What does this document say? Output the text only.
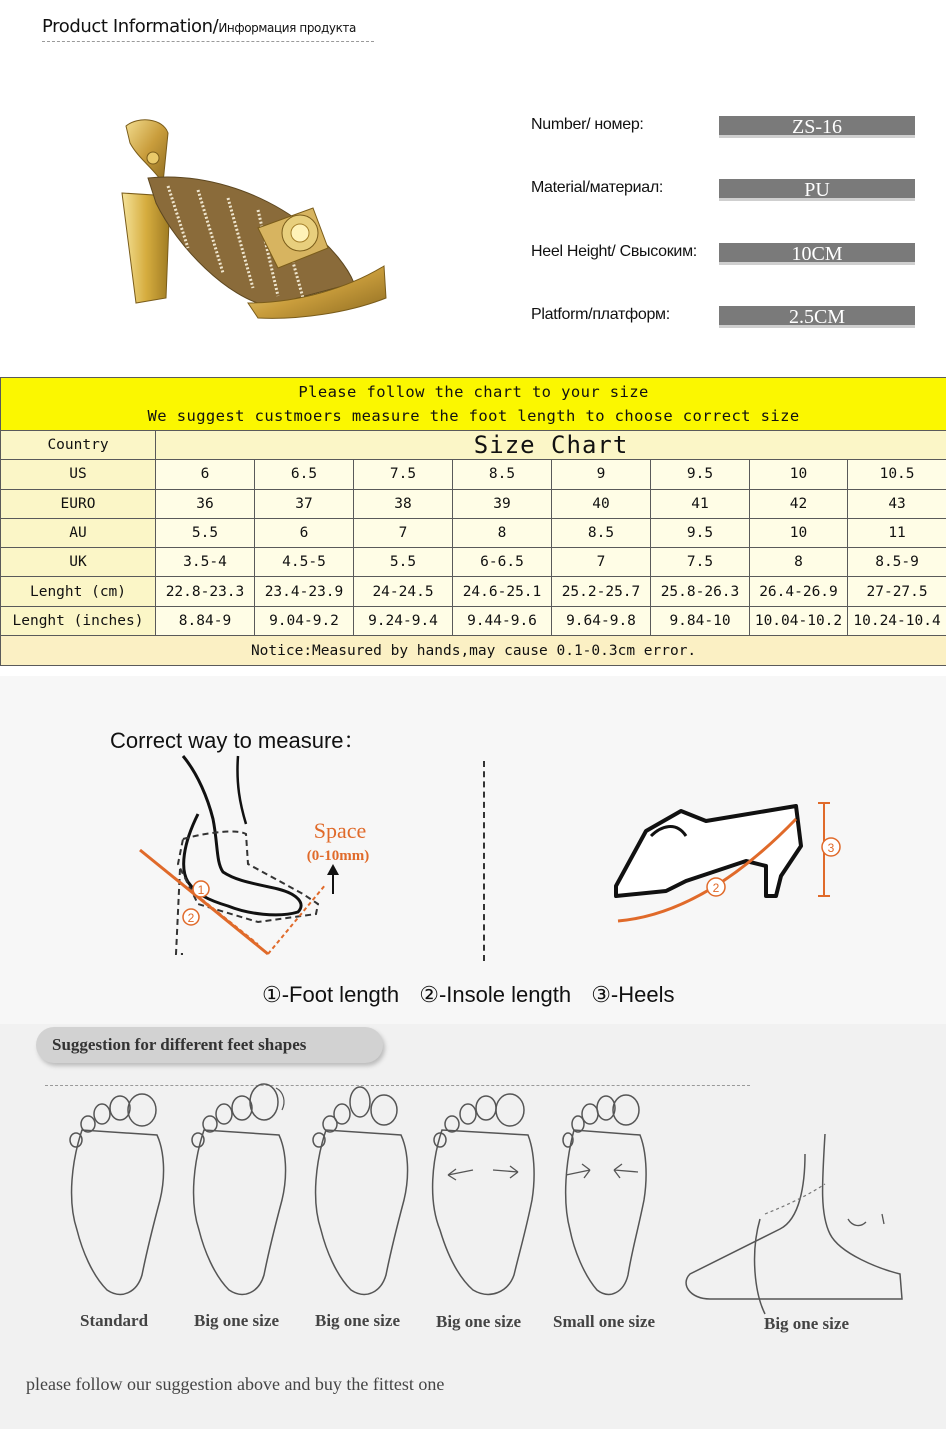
Product Information/Информация продукта
Number/ номер:	ZS-16
Material/материал:	PU
Heel Height/ Свысоким:	10CM
Platform/платформ:	2.5CM
Please follow the chart to your size
We suggest custmoers measure the foot length to choose correct size								

Country	Size Chart							
US	6	6.5	7.5	8.5	9	9.5	10	10.5
EURO	36	37	38	39	40	41	42	43
AU	5.5	6	7	8	8.5	9.5	10	11
UK	3.5-4	4.5-5	5.5	6-6.5	7	7.5	8	8.5-9
Lenght (cm)	22.8-23.3	23.4-23.9	24-24.5	24.6-25.1	25.2-25.7	25.8-26.3	26.4-26.9	27-27.5
Lenght (inches)	8.84-9	9.04-9.2	9.24-9.4	9.44-9.6	9.64-9.8	9.84-10	10.04-10.2	10.24-10.4
Notice:Measured by hands,may cause 0.1-0.3cm error.								
Correct way to measure：
1
2
Space
(0-10mm)
2
3
①-Foot length ②-Insole length ③-Heels
Suggestion for different feet shapes
Standard	Big one size Big one size Big one size Small one size	Big one size
please follow our suggestion above and buy the fittest one
